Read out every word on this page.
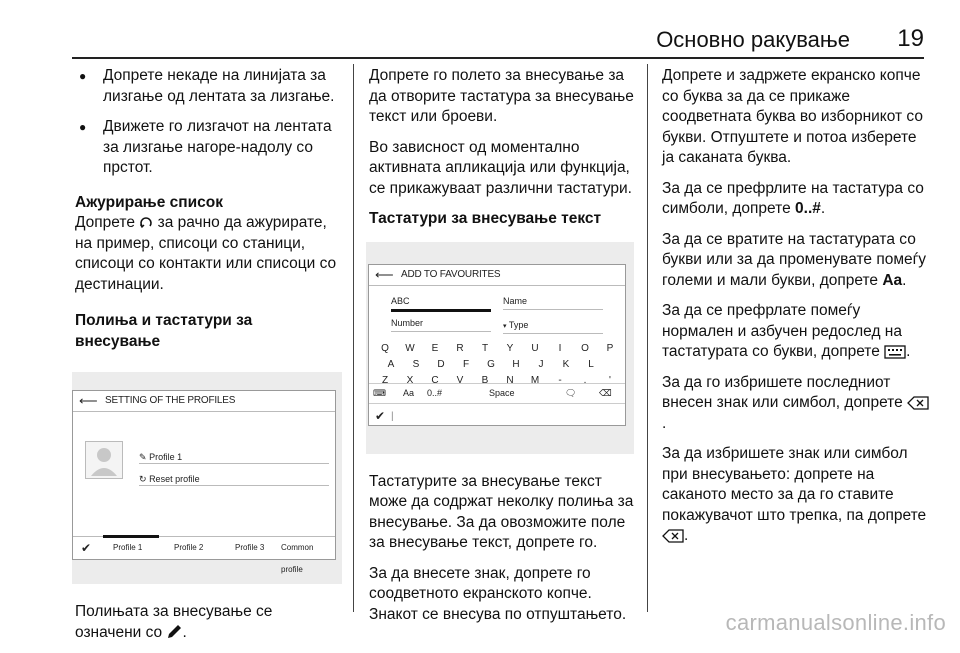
Основно ракување 19
●	Допрете некаде на линијата за лизгање од лентата за лизгање.
●	Движете го лизгачот на лентата за лизгање нагоре-надолу со прстот.
Ажурирање список

Допрете за рачно да ажурирате, на пример, списоци со станици, списоци со контакти или списоци со дестинации.

Полиња и тастатури за внесување
⟵ SETTING OF THE PROFILES
✎ Profile 1
↻ Reset profile
✔	Profile 1	Profile 2	Profile 3 Common profile

Полињата за внесување се означени со .

Допрете го полето за внесување за да отворите тастатура за внесување текст или броеви.

Во зависност од моментално активната апликација или функција, се прикажуваат различни тастатури.

Тастатури за внесување текст
⟵ ADD TO FAVOURITES
ABC	Name
Number	▾ Type
Q	W	E	R	T	Y	U	I	O	P
A	S	D	F	G	H	J	K	L
Z	X	C	V	B	N	M	-	.	'
⌨ Aa 0..#	Space	🗨	⌫
✔ |

Тастатурите за внесување текст може да содржат неколку полиња за внесување. За да овозможите поле за внесување текст, допрете го.

За да внесете знак, допрете го соодветното екранското копче. Знакот се внесува по отпуштањето.

Допрете и задржете екранско копче со буква за да се прикаже соодветната буква во изборникот со букви. Отпуштете и потоа изберете ја саканата буква.

За да се префрлите на тастатура со симболи, допрете 0..#.

За да се вратите на тастатурата со букви или за да променувате помеѓу големи и мали букви, допрете Aa.

За да се префрлате помеѓу нормален и азбучен редослед на тастатурата со букви, допрете .

За да го избришете последниот внесен знак или симбол, допрете .

За да избришете знак или симбол при внесувањето: допрете на саканото место за да го ставите покажувачот што трепка, па допрете .

carmanualsonline.info
